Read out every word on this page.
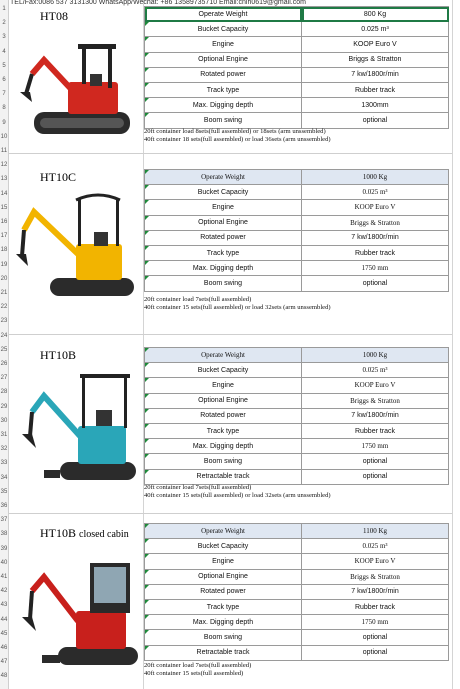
1
2
3
4
5
6
7
8
9
10
11
12
13
14
15
16
17
18
19
20
21
22
23
24
25
26
27
28
29
30
31
32
33
34
35
36
37
38
39
40
41
42
43
44
45
46
47
48
TEL/Fax:0086 537 3131300 WhatsApp/Wechat: +86 13589735710 Email:cnlh0619@gmail.com
HT08	Operate Weight	800 Kg
Bucket Capacity	0.025 m³
Engine	KOOP Euro V
Optional Engine	Briggs & Stratton
Rotated power	7 kw/1800r/min
Track type	Rubber track
Max. Digging depth	1300mm
Boom swing	optional
20ft container load 8sets(full assembled) or 18sets (arm unssembled)
40ft container 18 sets(full assembled) or load 36sets (arm unssembled)
HT10C	Operate Weight	1000 Kg
Bucket Capacity	0.025 m³
Engine	KOOP Euro V
Optional Engine	Briggs & Stratton
Rotated power	7 kw/1800r/min
Track type	Rubber track
Max. Digging depth	1750 mm
Boom swing	optional
20ft container load 7sets(full assembled)
40ft container 15 sets(full assembled) or load 32sets (arm unssembled)
HT10B	Operate Weight	1000 Kg
Bucket Capacity	0.025 m³
Engine	KOOP Euro V
Optional Engine	Briggs & Stratton
Rotated power	7 kw/1800r/min
Track type	Rubber track
Max. Digging depth	1750 mm
Boom swing	optional
Retractable track	optional
20ft container load 7sets(full assembled)
40ft container 15 sets(full assembled) or load 32sets (arm unssembled)
HT10B closed cabin	Operate Weight	1100 Kg
Bucket Capacity	0.025 m³
Engine	KOOP Euro V
Optional Engine	Briggs & Stratton
Rotated power	7 kw/1800r/min
Track type	Rubber track
Max. Digging depth	1750 mm
Boom swing	optional
Retractable track	optional
20ft container load 7sets(full assembled)
40ft container 15 sets(full assembled)
